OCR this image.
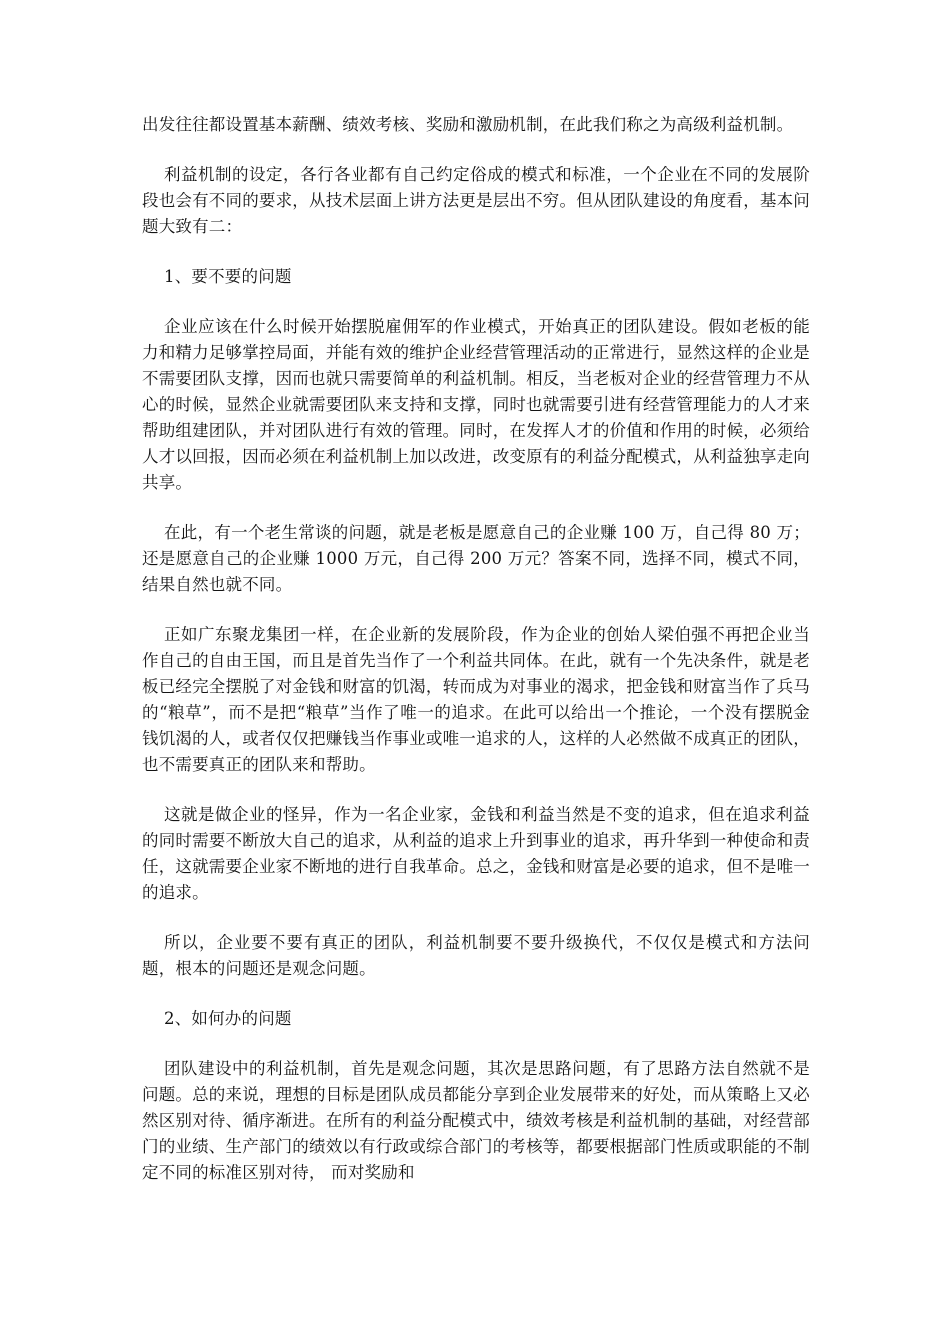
出发往往都设置基本薪酬、绩效考核、奖励和激励机制，在此我们称之为高级利益机制。

利益机制的设定，各行各业都有自己约定俗成的模式和标准，一个企业在不同的发展阶段也会有不同的要求，从技术层面上讲方法更是层出不穷。但从团队建设的角度看，基本问题大致有二：

1、要不要的问题

企业应该在什么时候开始摆脱雇佣军的作业模式，开始真正的团队建设。假如老板的能力和精力足够掌控局面，并能有效的维护企业经营管理活动的正常进行，显然这样的企业是不需要团队支撑，因而也就只需要简单的利益机制。相反，当老板对企业的经营管理力不从心的时候，显然企业就需要团队来支持和支撑，同时也就需要引进有经营管理能力的人才来帮助组建团队，并对团队进行有效的管理。同时，在发挥人才的价值和作用的时候，必须给人才以回报，因而必须在利益机制上加以改进，改变原有的利益分配模式，从利益独享走向共享。

在此，有一个老生常谈的问题，就是老板是愿意自己的企业赚 100 万，自己得 80 万；还是愿意自己的企业赚 1000 万元，自己得 200 万元？答案不同，选择不同，模式不同，结果自然也就不同。

正如广东聚龙集团一样，在企业新的发展阶段，作为企业的创始人梁伯强不再把企业当作自己的自由王国，而且是首先当作了一个利益共同体。在此，就有一个先决条件，就是老板已经完全摆脱了对金钱和财富的饥渴，转而成为对事业的渴求，把金钱和财富当作了兵马的“粮草”，而不是把“粮草”当作了唯一的追求。在此可以给出一个推论，一个没有摆脱金钱饥渴的人，或者仅仅把赚钱当作事业或唯一追求的人，这样的人必然做不成真正的团队，也不需要真正的团队来和帮助。

这就是做企业的怪异，作为一名企业家，金钱和利益当然是不变的追求，但在追求利益的同时需要不断放大自己的追求，从利益的追求上升到事业的追求，再升华到一种使命和责任，这就需要企业家不断地的进行自我革命。总之，金钱和财富是必要的追求，但不是唯一的追求。

所以，企业要不要有真正的团队，利益机制要不要升级换代，不仅仅是模式和方法问题，根本的问题还是观念问题。

2、如何办的问题

团队建设中的利益机制，首先是观念问题，其次是思路问题，有了思路方法自然就不是问题。总的来说，理想的目标是团队成员都能分享到企业发展带来的好处，而从策略上又必然区别对待、循序渐进。在所有的利益分配模式中，绩效考核是利益机制的基础，对经营部门的业绩、生产部门的绩效以有行政或综合部门的考核等，都要根据部门性质或职能的不制定不同的标准区别对待， 而对奖励和
